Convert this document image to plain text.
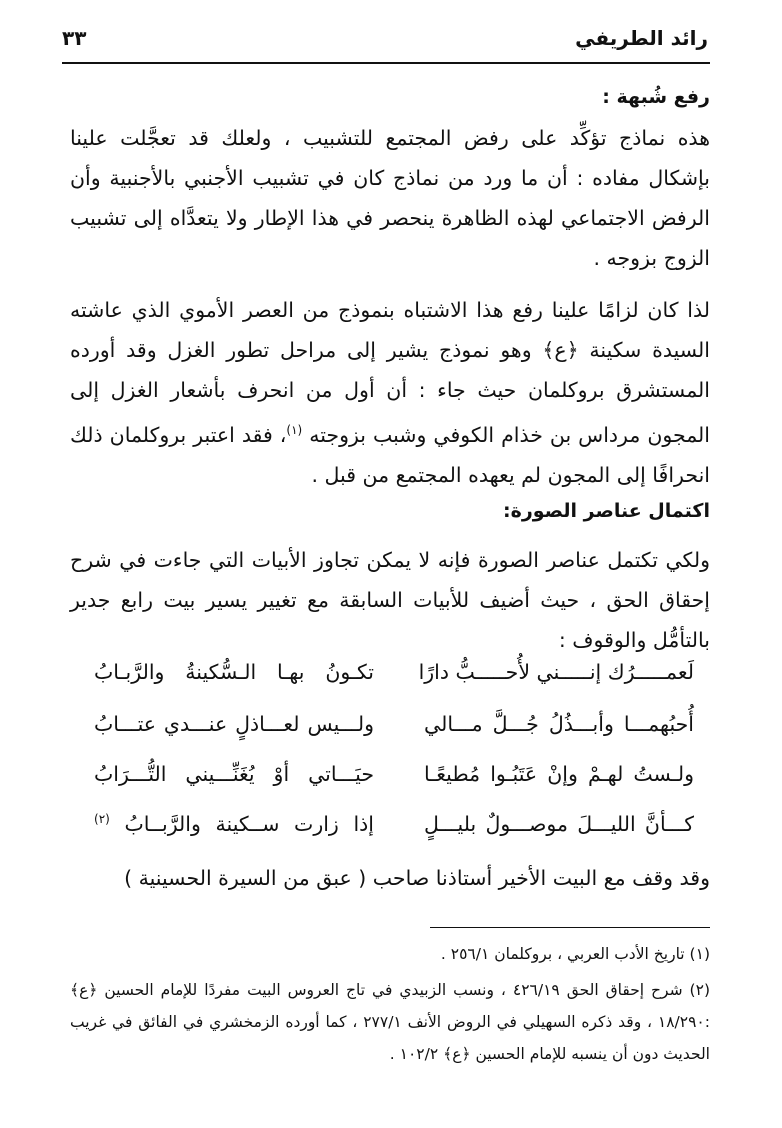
رائد الطريفي
٣٣
رفع شُبهة :

هذه نماذج تؤكِّد على رفض المجتمع للتشبيب ، ولعلك قد تعجَّلت علينا بإشكال مفاده : أن ما ورد من نماذج كان في تشبيب الأجنبي بالأجنبية وأن الرفض الاجتماعي لهذه الظاهرة ينحصر في هذا الإطار ولا يتعدَّاه إلى تشبيب الزوج بزوجه .

لذا كان لزامًا علينا رفع هذا الاشتباه بنموذج من العصر الأموي الذي عاشته السيدة سكينة ﴿ع﴾ وهو نموذج يشير إلى مراحل تطور الغزل وقد أورده المستشرق بروكلمان حيث جاء : أن أول من انحرف بأشعار الغزل إلى المجون مرداس بن خذام الكوفي وشبب بزوجته $^{(١)}$، فقد اعتبر بروكلمان ذلك انحرافًا إلى المجون لم يعهده المجتمع من قبل .

اكتمال عناصر الصورة:

ولكي تكتمل عناصر الصورة فإنه لا يمكن تجاوز الأبيات التي جاءت في شرح إحقاق الحق ، حيث أضيف للأبيات السابقة مع تغيير يسير بيت رابع جدير بالتأمُّل والوقوف :

لَعمـــــرُك إنـــــني لأُحـــــبُّ دارًا
تكـونُ بهـا الـسُّكينةُ والرَّبـابُ
أُحبُهمـــا وأبـــذُلُ جُـــلَّ مـــالي
ولـــيس لعـــاذلٍ عنـــدي عتـــابُ
ولـستُ لهـمْ وإنْ عَتَبُـوا مُطيعًـا
حيَـــاتي أوْ يُغَنِّـــيني التُّـــرَابُ
كـــأنَّ الليـــلَ موصـــولٌ بليـــلٍ
إذا زارت ســكينة والرَّبــابُ $^{(٢)}$

وقد وقف مع البيت الأخير أستاذنا صاحب ( عبق من السيرة الحسينية )

(١) تاريخ الأدب العربي ، بروكلمان ٢٥٦/١ .

(٢) شرح إحقاق الحق ٤٢٦/١٩ ، ونسب الزبيدي في تاج العروس البيت مفردًا للإمام الحسين ﴿ع﴾ :١٨/٢٩٠ ، وقد ذكره السهيلي في الروض الأنف ٢٧٧/١ ، كما أورده الزمخشري في الفائق في غريب الحديث دون أن ينسبه للإمام الحسين ﴿ع﴾ ١٠٢/٢ .
